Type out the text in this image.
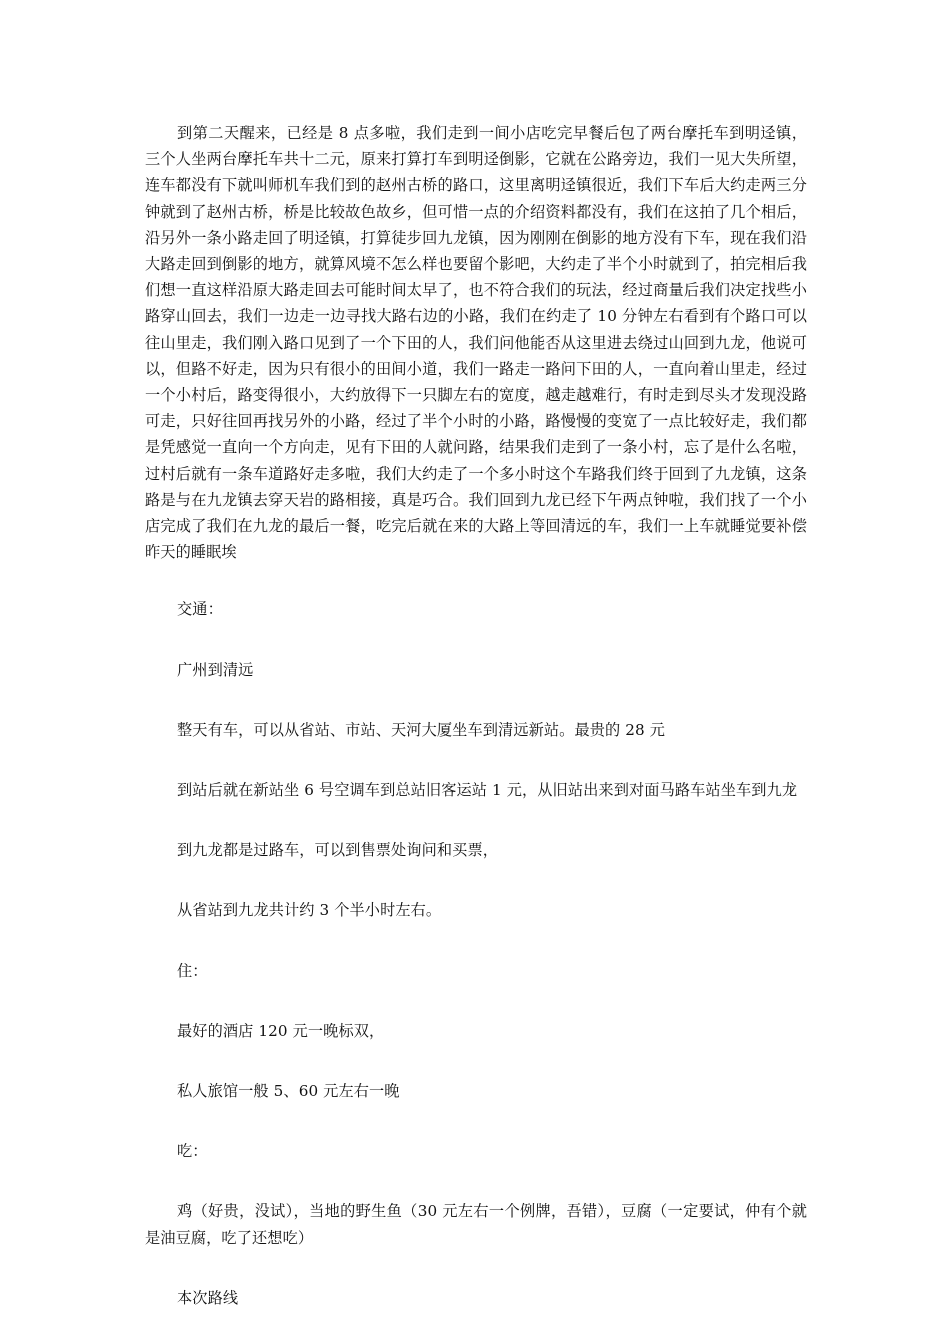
到第二天醒来，已经是 8 点多啦，我们走到一间小店吃完早餐后包了两台摩托车到明迳镇，三个人坐两台摩托车共十二元，原来打算打车到明迳倒影，它就在公路旁边，我们一见大失所望，连车都没有下就叫师机车我们到的赵州古桥的路口，这里离明迳镇很近，我们下车后大约走两三分钟就到了赵州古桥，桥是比较故色故乡，但可惜一点的介绍资料都没有，我们在这拍了几个相后，沿另外一条小路走回了明迳镇，打算徒步回九龙镇，因为刚刚在倒影的地方没有下车，现在我们沿大路走回到倒影的地方，就算风境不怎么样也要留个影吧，大约走了半个小时就到了，拍完相后我们想一直这样沿原大路走回去可能时间太早了，也不符合我们的玩法，经过商量后我们决定找些小路穿山回去，我们一边走一边寻找大路右边的小路，我们在约走了 10 分钟左右看到有个路口可以往山里走，我们刚入路口见到了一个下田的人，我们问他能否从这里进去绕过山回到九龙，他说可以，但路不好走，因为只有很小的田间小道，我们一路走一路问下田的人，一直向着山里走，经过一个小村后，路变得很小，大约放得下一只脚左右的宽度，越走越难行，有时走到尽头才发现没路可走，只好往回再找另外的小路，经过了半个小时的小路，路慢慢的变宽了一点比较好走，我们都是凭感觉一直向一个方向走，见有下田的人就问路，结果我们走到了一条小村，忘了是什么名啦，过村后就有一条车道路好走多啦，我们大约走了一个多小时这个车路我们终于回到了九龙镇，这条路是与在九龙镇去穿天岩的路相接，真是巧合。我们回到九龙已经下午两点钟啦，我们找了一个小店完成了我们在九龙的最后一餐，吃完后就在来的大路上等回清远的车，我们一上车就睡觉要补偿昨天的睡眠埃

交通：

广州到清远

整天有车，可以从省站、市站、天河大厦坐车到清远新站。最贵的 28 元

到站后就在新站坐 6 号空调车到总站旧客运站 1 元，从旧站出来到对面马路车站坐车到九龙

到九龙都是过路车，可以到售票处询问和买票，

从省站到九龙共计约 3 个半小时左右。

住：

最好的酒店 120 元一晚标双，

私人旅馆一般 5、60 元左右一晚

吃：

鸡（好贵，没试），当地的野生鱼（30 元左右一个例牌，吾错），豆腐（一定要试，仲有个就是油豆腐，吃了还想吃）

本次路线
